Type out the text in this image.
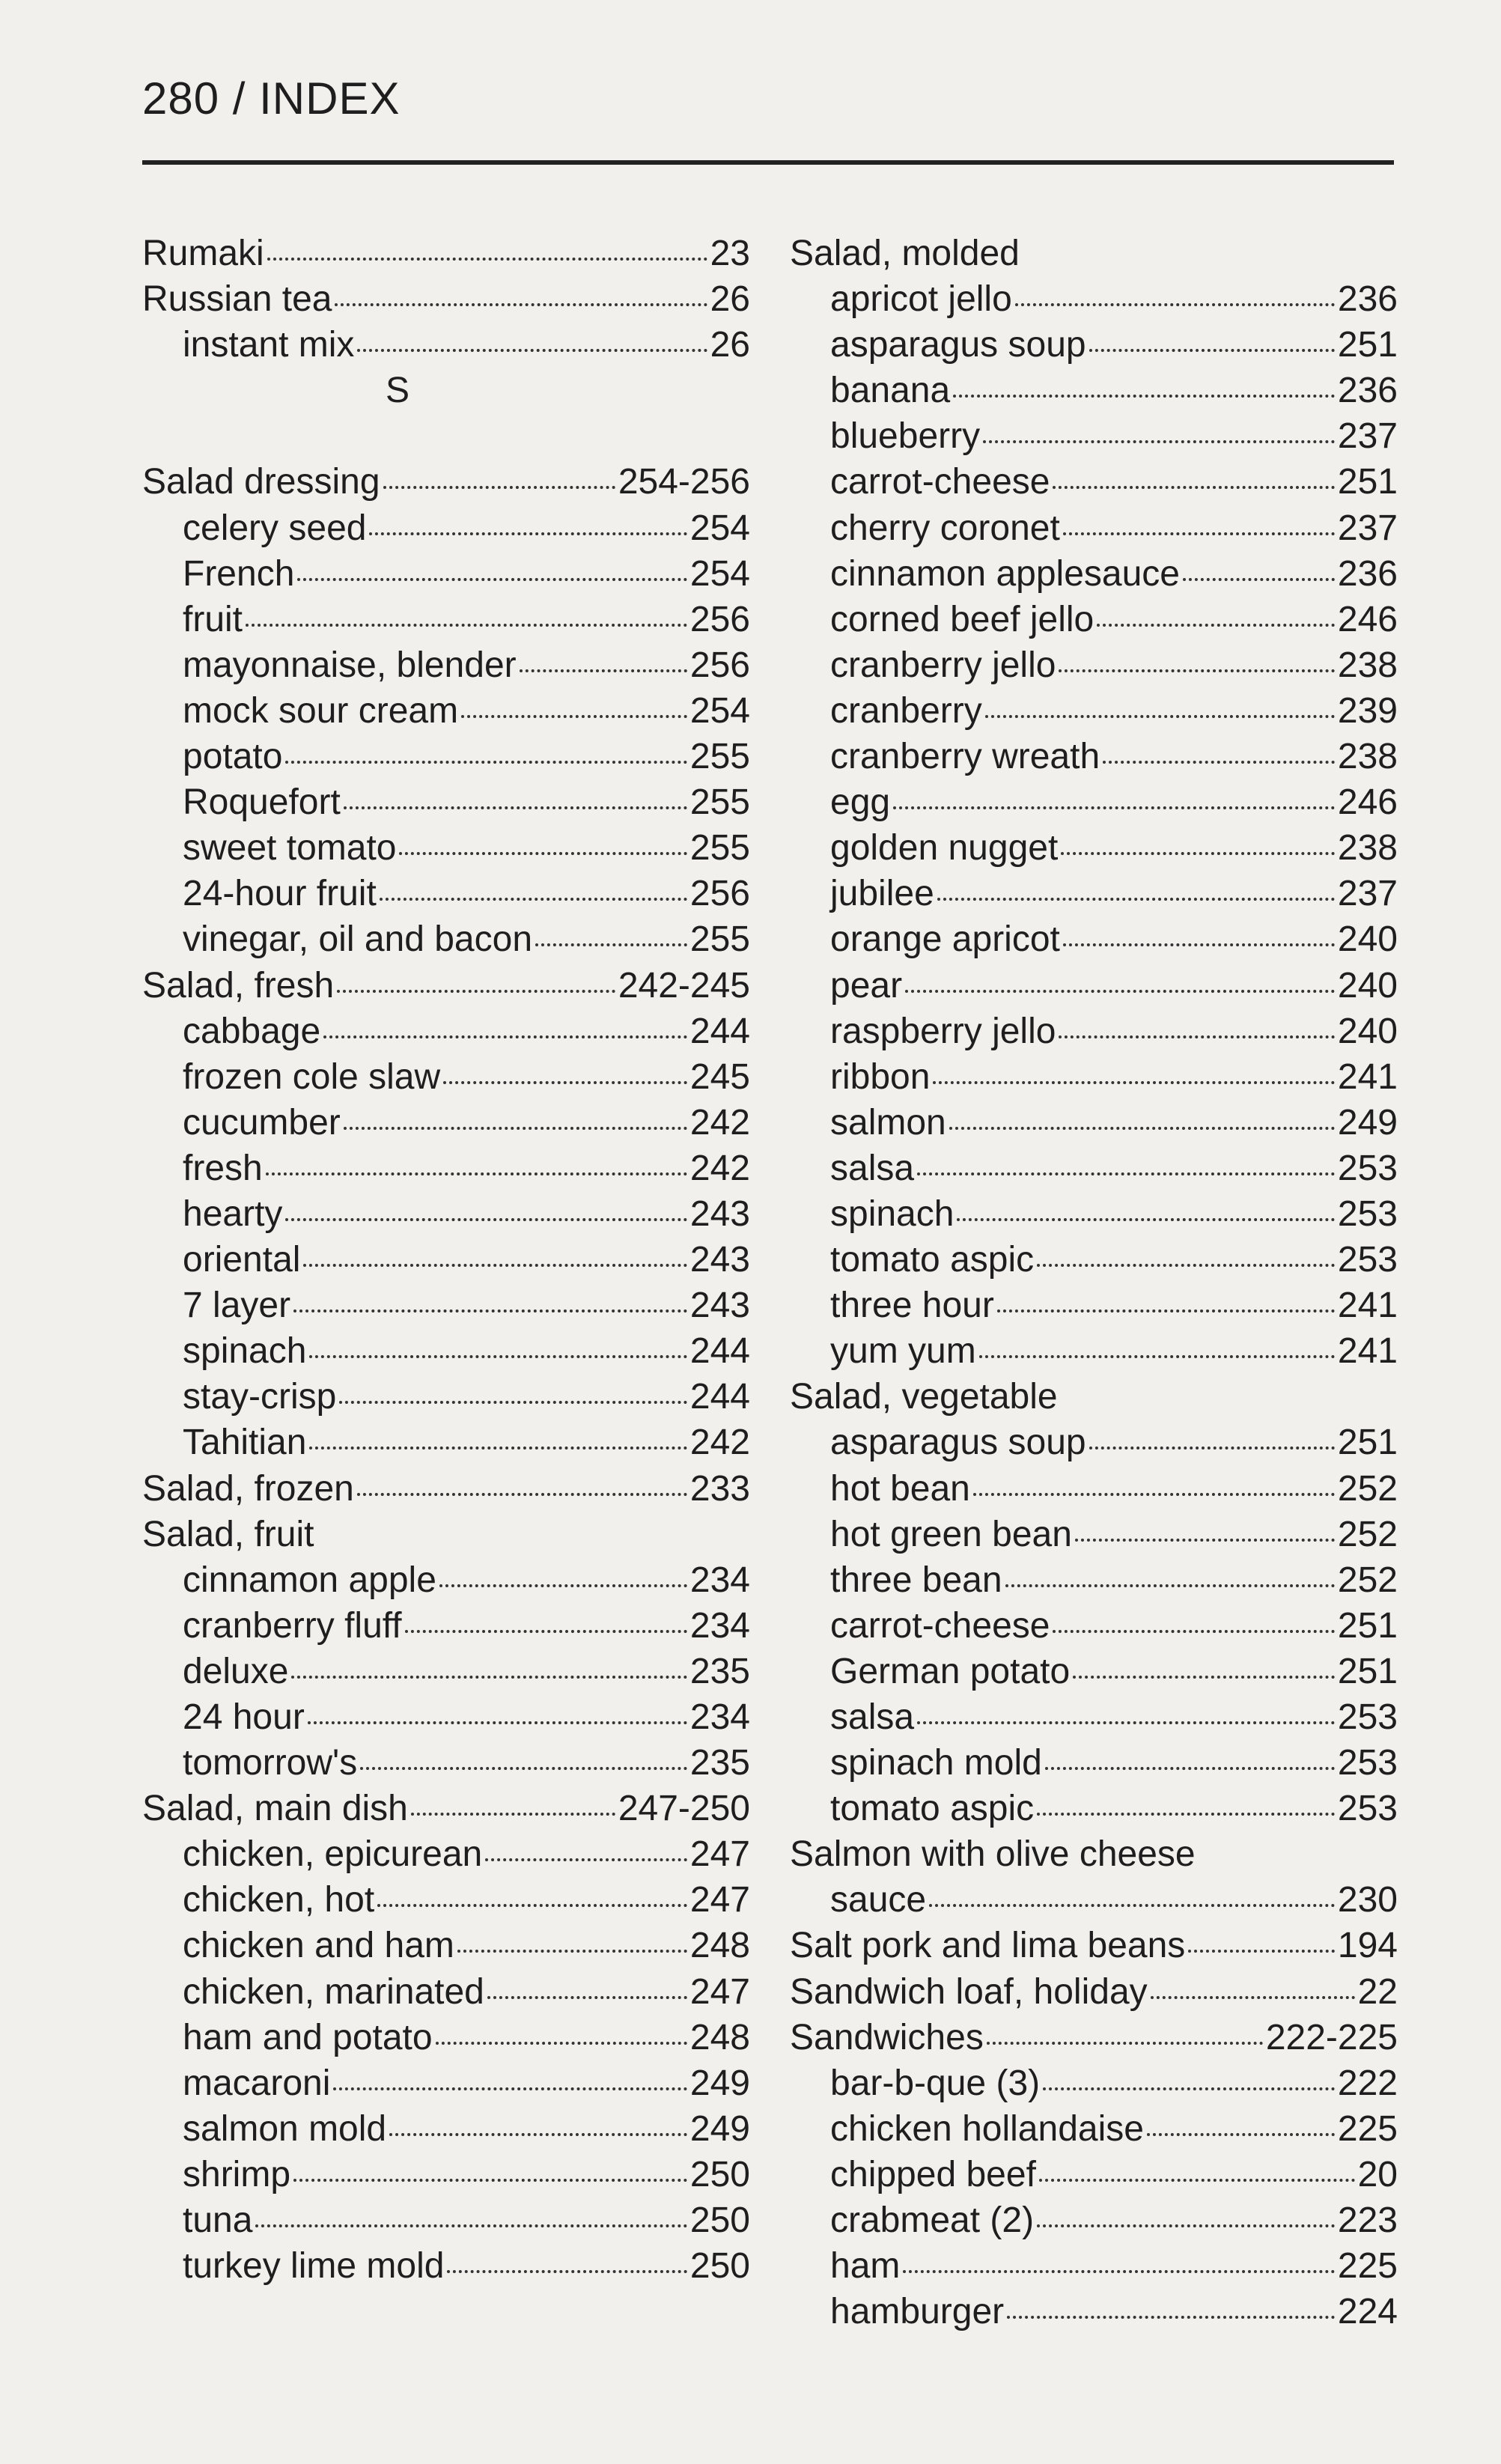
280 / INDEX
Rumaki	23
Russian tea	26
instant mix	26
S
Salad dressing	254-256
celery seed	254
French	254
fruit	256
mayonnaise, blender	256
mock sour cream	254
potato	255
Roquefort	255
sweet tomato	255
24-hour fruit	256
vinegar, oil and bacon	255
Salad, fresh	242-245
cabbage	244
frozen cole slaw	245
cucumber	242
fresh	242
hearty	243
oriental	243
7 layer	243
spinach	244
stay-crisp	244
Tahitian	242
Salad, frozen	233
Salad, fruit
cinnamon apple	234
cranberry fluff	234
deluxe	235
24 hour	234
tomorrow's	235
Salad, main dish	247-250
chicken, epicurean	247
chicken, hot	247
chicken and ham	248
chicken, marinated	247
ham and potato	248
macaroni	249
salmon mold	249
shrimp	250
tuna	250
turkey lime mold	250
Salad, molded
apricot jello	236
asparagus soup	251
banana	236
blueberry	237
carrot-cheese	251
cherry coronet	237
cinnamon applesauce	236
corned beef jello	246
cranberry jello	238
cranberry	239
cranberry wreath	238
egg	246
golden nugget	238
jubilee	237
orange apricot	240
pear	240
raspberry jello	240
ribbon	241
salmon	249
salsa	253
spinach	253
tomato aspic	253
three hour	241
yum yum	241
Salad, vegetable
asparagus soup	251
hot bean	252
hot green bean	252
three bean	252
carrot-cheese	251
German potato	251
salsa	253
spinach mold	253
tomato aspic	253
Salmon with olive cheese
sauce	230
Salt pork and lima beans	194
Sandwich loaf, holiday	22
Sandwiches	222-225
bar-b-que (3)	222
chicken hollandaise	225
chipped beef	20
crabmeat (2)	223
ham	225
hamburger	224
